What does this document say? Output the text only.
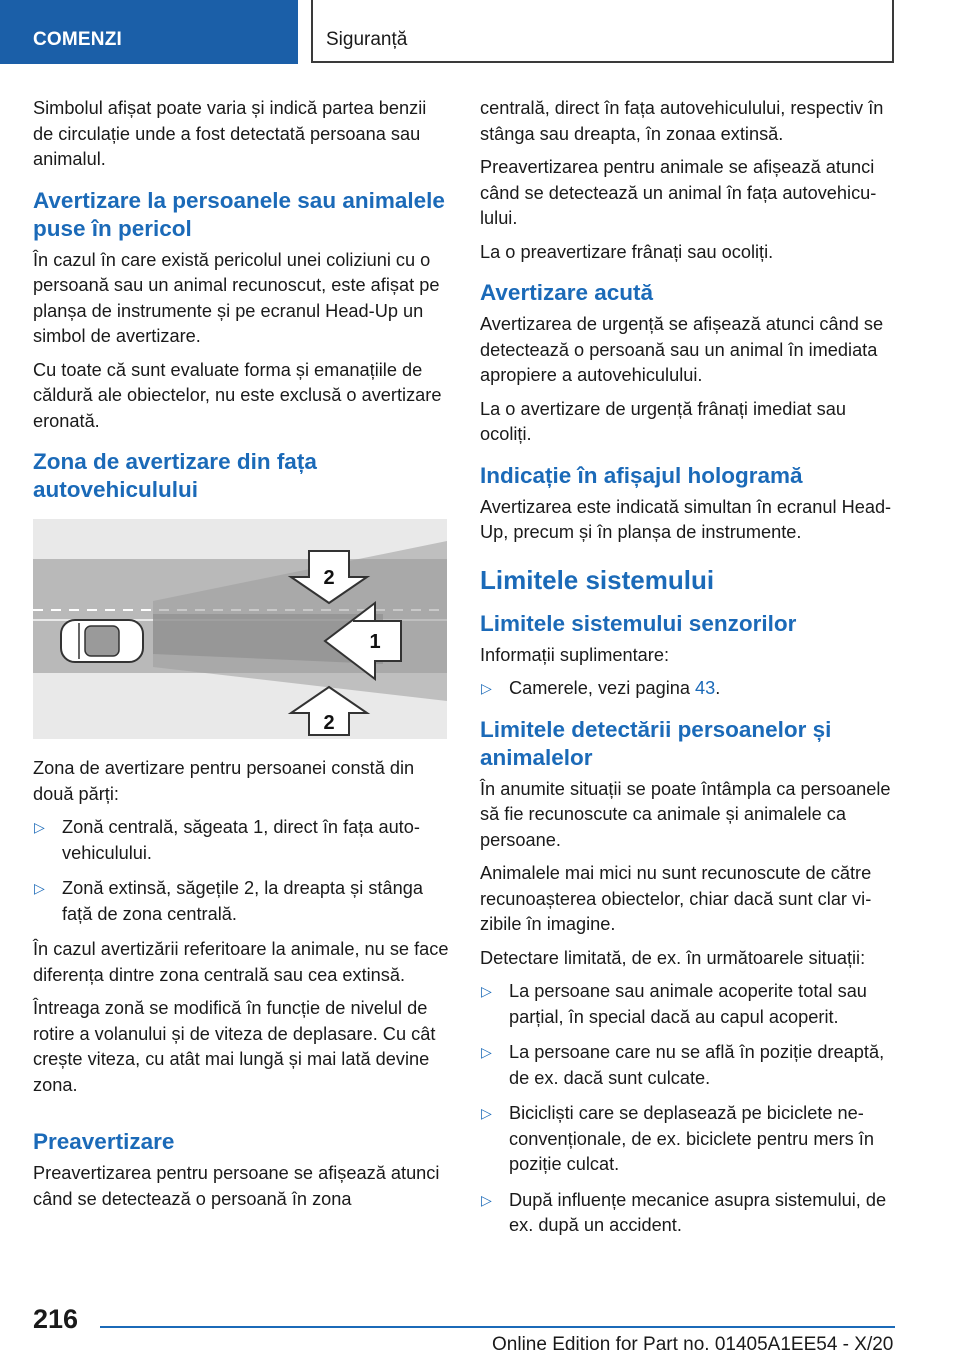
COMENZI	Siguranță

Simbolul afișat poate varia și indică partea benzii de circulație unde a fost detectată persoana sau animalul.

Avertizare la persoanele sau animalele puse în pericol

În cazul în care există pericolul unei coliziuni cu o persoană sau un animal recunoscut, este afișat pe planșa de instrumente și pe ecranul Head-Up un simbol de avertizare.

Cu toate că sunt evaluate forma și emanațiile de căldură ale obiectelor, nu este exclusă o avertizare eronată.

Zona de avertizare din fața autovehiculului
2
1
2

Zona de avertizare pentru persoanei constă din două părți:

▷ Zonă centrală, săgeata 1, direct în fața autovehiculului.
▷ Zonă extinsă, săgețile 2, la dreapta și stânga față de zona centrală.

În cazul avertizării referitoare la animale, nu se face diferența dintre zona centrală sau cea extinsă.

Întreaga zonă se modifică în funcție de nivelul de rotire a volanului și de viteza de deplasare. Cu cât crește viteza, cu atât mai lungă și mai lată devine zona.

Preavertizare

Preavertizarea pentru persoane se afișează atunci când se detectează o persoană în zona

centrală, direct în fața autovehiculului, respectiv în stânga sau dreapta, în zonaa extinsă.

Preavertizarea pentru animale se afișează atunci când se detectează un animal în fața autovehiculului.

La o preavertizare frânați sau ocoliți.

Avertizare acută

Avertizarea de urgență se afișează atunci când se detectează o persoană sau un animal în imediata apropiere a autovehiculului.

La o avertizare de urgență frânați imediat sau ocoliți.

Indicație în afișajul hologramă

Avertizarea este indicată simultan în ecranul Head-Up, precum și în planșa de instrumente.

Limitele sistemului
Limitele sistemului senzorilor

Informații suplimentare:

▷ Camerele, vezi pagina 43.
Limitele detectării persoanelor și animalelor

În anumite situații se poate întâmpla ca persoanele să fie recunoscute ca animale și animalele ca persoane.

Animalele mai mici nu sunt recunoscute de către recunoașterea obiectelor, chiar dacă sunt clar vizibile în imagine.

Detectare limitată, de ex. în următoarele situații:

▷ La persoane sau animale acoperite total sau parțial, în special dacă au capul acoperit.
▷ La persoane care nu se află în poziție dreaptă, de ex. dacă sunt culcate.
▷ Bicicliști care se deplasează pe biciclete neconvenționale, de ex. biciclete pentru mers în poziție culcat.
▷ După influențe mecanice asupra sistemului, de ex. după un accident.
216
Online Edition for Part no. 01405A1EE54 - X/20
